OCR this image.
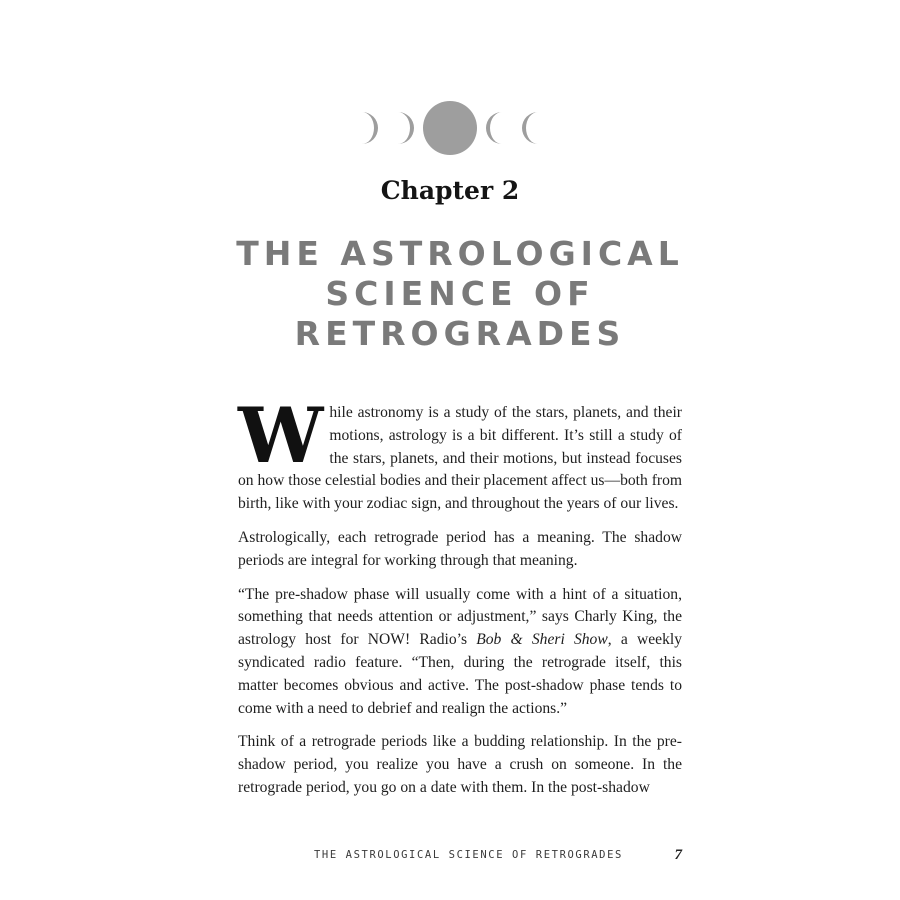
Chapter 2
THE ASTROLOGICAL
SCIENCE OF
RETROGRADES

While astronomy is a study of the stars, planets, and their motions, astrology is a bit different. It’s still a study of the stars, planets, and their motions, but instead focuses on how those celestial bodies and their placement affect us—both from birth, like with your zodiac sign, and throughout the years of our lives.

Astrologically, each retrograde period has a meaning. The shadow periods are integral for working through that meaning.

“The pre-shadow phase will usually come with a hint of a situation, something that needs attention or adjustment,” says Charly King, the astrology host for NOW! Radio’s Bob & Sheri Show, a weekly syndicated radio feature. “Then, during the retrograde itself, this matter becomes obvious and active. The post-shadow phase tends to come with a need to debrief and realign the actions.”

Think of a retrograde periods like a budding relationship. In the pre-shadow period, you realize you have a crush on someone. In the retrograde period, you go on a date with them. In the post-shadow

THE ASTROLOGICAL SCIENCE OF RETROGRADES	7
